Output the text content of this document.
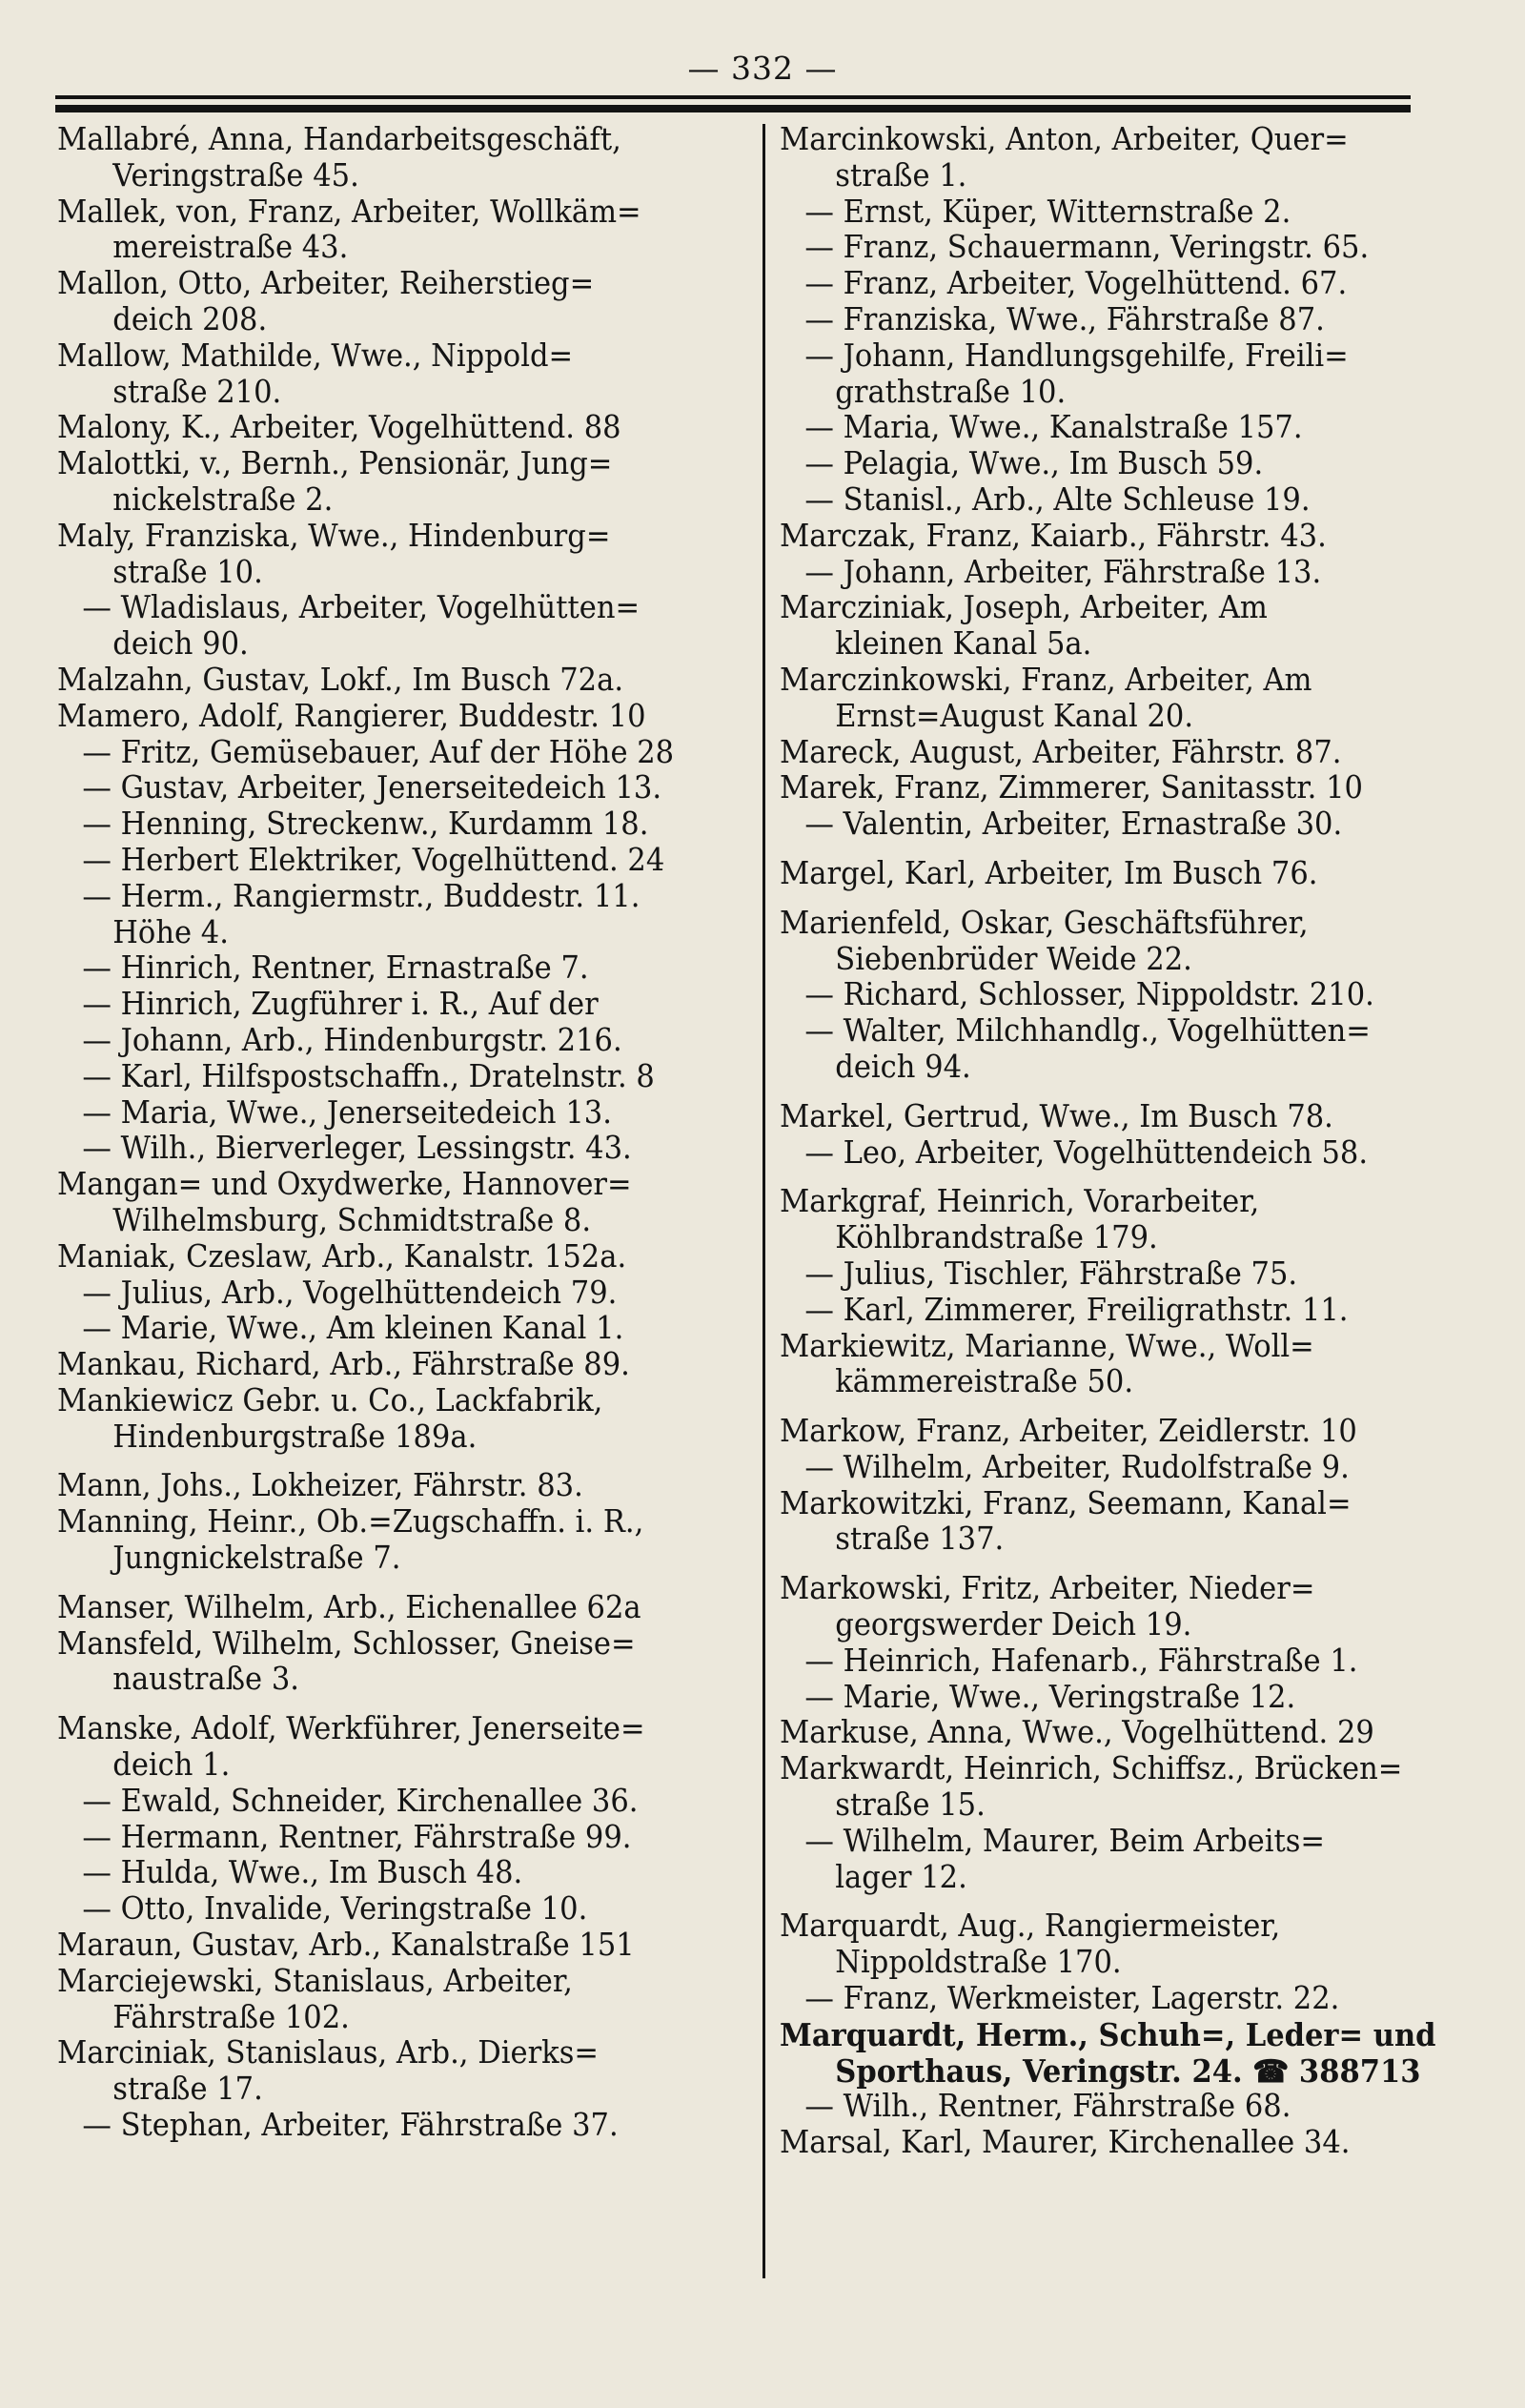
— 332 —
Mallabré, Anna, Handarbeitsgeschäft,
Veringstraße 45.
Mallek, von, Franz, Arbeiter, Wollkäm=
mereistraße 43.
Mallon, Otto, Arbeiter, Reiherstieg=
deich 208.
Mallow, Mathilde, Wwe., Nippold=
straße 210.
Malony, K., Arbeiter, Vogelhüttend. 88
Malottki, v., Bernh., Pensionär, Jung=
nickelstraße 2.
Maly, Franziska, Wwe., Hindenburg=
straße 10.
— Wladislaus, Arbeiter, Vogelhütten=
deich 90.
Malzahn, Gustav, Lokf., Im Busch 72a.
Mamero, Adolf, Rangierer, Buddestr. 10
— Fritz, Gemüsebauer, Auf der Höhe 28
— Gustav, Arbeiter, Jenerseitedeich 13.
— Henning, Streckenw., Kurdamm 18.
— Herbert Elektriker, Vogelhüttend. 24
— Herm., Rangiermstr., Buddestr. 11.
Höhe 4.
— Hinrich, Rentner, Ernastraße 7.
— Hinrich, Zugführer i. R., Auf der
— Johann, Arb., Hindenburgstr. 216.
— Karl, Hilfspostschaffn., Dratelnstr. 8
— Maria, Wwe., Jenerseitedeich 13.
— Wilh., Bierverleger, Lessingstr. 43.
Mangan= und Oxydwerke, Hannover=
Wilhelmsburg, Schmidtstraße 8.
Maniak, Czeslaw, Arb., Kanalstr. 152a.
— Julius, Arb., Vogelhüttendeich 79.
— Marie, Wwe., Am kleinen Kanal 1.
Mankau, Richard, Arb., Fährstraße 89.
Mankiewicz Gebr. u. Co., Lackfabrik,
Hindenburgstraße 189a.
Mann, Johs., Lokheizer, Fährstr. 83.
Manning, Heinr., Ob.=Zugschaffn. i. R.,
Jungnickelstraße 7.
Manser, Wilhelm, Arb., Eichenallee 62a
Mansfeld, Wilhelm, Schlosser, Gneise=
naustraße 3.
Manske, Adolf, Werkführer, Jenerseite=
deich 1.
— Ewald, Schneider, Kirchenallee 36.
— Hermann, Rentner, Fährstraße 99.
— Hulda, Wwe., Im Busch 48.
— Otto, Invalide, Veringstraße 10.
Maraun, Gustav, Arb., Kanalstraße 151
Marciejewski, Stanislaus, Arbeiter,
Fährstraße 102.
Marciniak, Stanislaus, Arb., Dierks=
straße 17.
— Stephan, Arbeiter, Fährstraße 37.
Marcinkowski, Anton, Arbeiter, Quer=
straße 1.
— Ernst, Küper, Witternstraße 2.
— Franz, Schauermann, Veringstr. 65.
— Franz, Arbeiter, Vogelhüttend. 67.
— Franziska, Wwe., Fährstraße 87.
— Johann, Handlungsgehilfe, Freili=
grathstraße 10.
— Maria, Wwe., Kanalstraße 157.
— Pelagia, Wwe., Im Busch 59.
— Stanisl., Arb., Alte Schleuse 19.
Marczak, Franz, Kaiarb., Fährstr. 43.
— Johann, Arbeiter, Fährstraße 13.
Marcziniak, Joseph, Arbeiter, Am
kleinen Kanal 5a.
Marczinkowski, Franz, Arbeiter, Am
Ernst=August Kanal 20.
Mareck, August, Arbeiter, Fährstr. 87.
Marek, Franz, Zimmerer, Sanitasstr. 10
— Valentin, Arbeiter, Ernastraße 30.
Margel, Karl, Arbeiter, Im Busch 76.
Marienfeld, Oskar, Geschäftsführer,
Siebenbrüder Weide 22.
— Richard, Schlosser, Nippoldstr. 210.
— Walter, Milchhandlg., Vogelhütten=
deich 94.
Markel, Gertrud, Wwe., Im Busch 78.
— Leo, Arbeiter, Vogelhüttendeich 58.
Markgraf, Heinrich, Vorarbeiter,
Köhlbrandstraße 179.
— Julius, Tischler, Fährstraße 75.
— Karl, Zimmerer, Freiligrathstr. 11.
Markiewitz, Marianne, Wwe., Woll=
kämmereistraße 50.
Markow, Franz, Arbeiter, Zeidlerstr. 10
— Wilhelm, Arbeiter, Rudolfstraße 9.
Markowitzki, Franz, Seemann, Kanal=
straße 137.
Markowski, Fritz, Arbeiter, Nieder=
georgswerder Deich 19.
— Heinrich, Hafenarb., Fährstraße 1.
— Marie, Wwe., Veringstraße 12.
Markuse, Anna, Wwe., Vogelhüttend. 29
Markwardt, Heinrich, Schiffsz., Brücken=
straße 15.
— Wilhelm, Maurer, Beim Arbeits=
lager 12.
Marquardt, Aug., Rangiermeister,
Nippoldstraße 170.
— Franz, Werkmeister, Lagerstr. 22.
Marquardt, Herm., Schuh=, Leder= und
Sporthaus, Veringstr. 24. ☎ 388713
— Wilh., Rentner, Fährstraße 68.
Marsal, Karl, Maurer, Kirchenallee 34.
